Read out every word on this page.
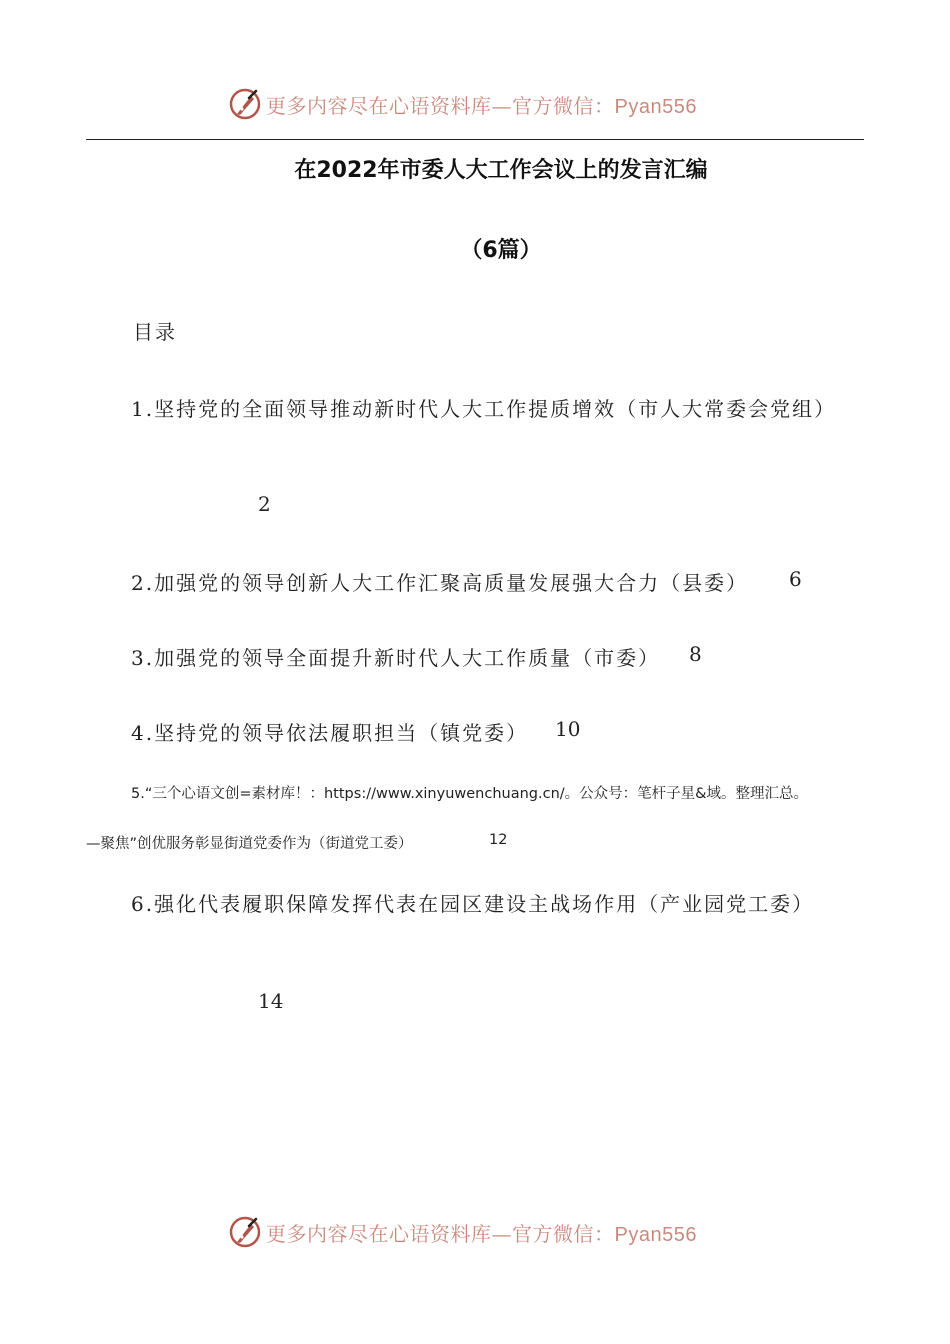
更多内容尽在心语资料库—官方微信：Pyan556
在2022年市委人大工作会议上的发言汇编
（6篇）
目录
1.坚持党的全面领导推动新时代人大工作提质增效（市人大常委会党组）
2
2.加强党的领导创新人大工作汇聚高质量发展强大合力（县委） 6
3.加强党的领导全面提升新时代人大工作质量（市委） 8
4.坚持党的领导依法履职担当（镇党委） 10
5.“三个心语文创=素材库！：https://www.xinyuwenchuang.cn/。公众号：笔杆子星&域。整理汇总。
—聚焦”创优服务彰显街道党委作为（街道党工委）	12
6.强化代表履职保障发挥代表在园区建设主战场作用（产业园党工委）
14
更多内容尽在心语资料库—官方微信：Pyan556
